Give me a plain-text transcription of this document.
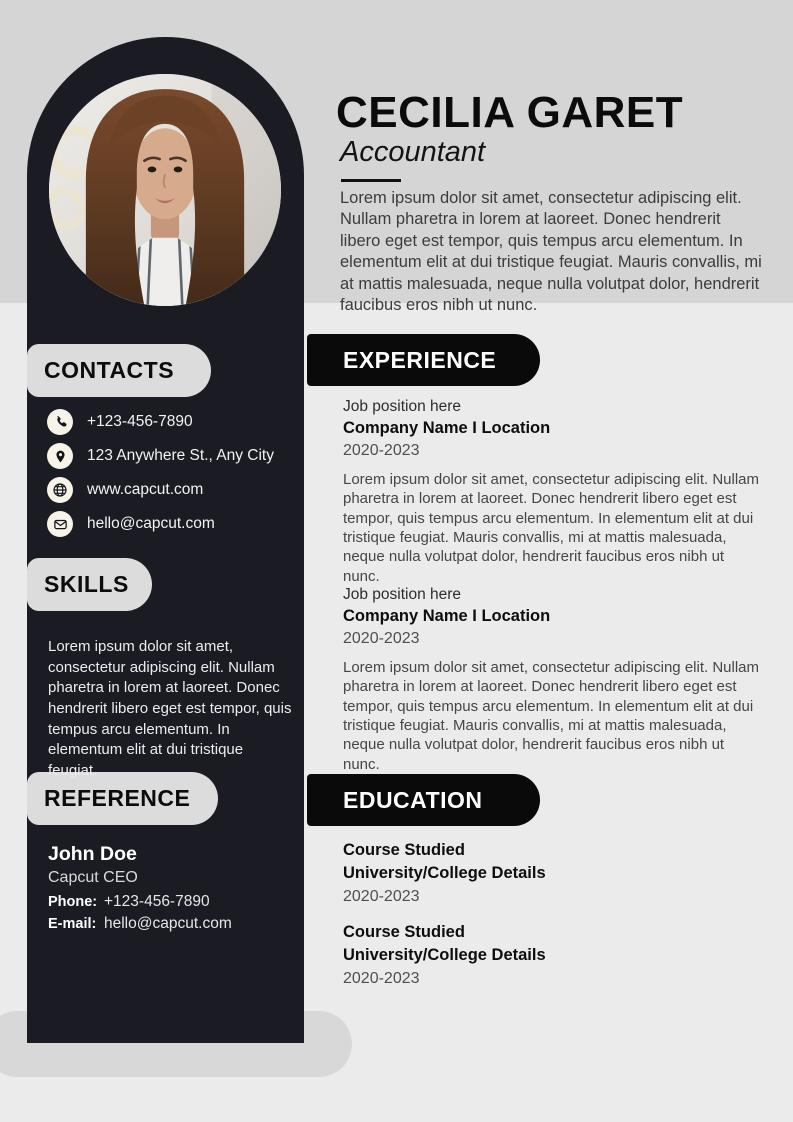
CONTACTS
SKILLS
REFERENCE
+123-456-7890
123 Anywhere St., Any City
www.capcut.com
hello@capcut.com
Lorem ipsum dolor sit amet, consectetur adipiscing elit. Nullam pharetra in lorem at laoreet. Donec hendrerit libero eget est tempor, quis tempus arcu elementum. In elementum elit at dui tristique feugiat.
John Doe
Capcut CEO
Phone: +123-456-7890
E-mail: hello@capcut.com
CECILIA GARET
Accountant
Lorem ipsum dolor sit amet, consectetur adipiscing elit. Nullam pharetra in lorem at laoreet. Donec hendrerit libero eget est tempor, quis tempus arcu elementum. In elementum elit at dui tristique feugiat. Mauris convallis, mi at mattis malesuada, neque nulla volutpat dolor, hendrerit faucibus eros nibh ut nunc.
EXPERIENCE
Job position here
Company Name I Location
2020-2023
Lorem ipsum dolor sit amet, consectetur adipiscing elit. Nullam pharetra in lorem at laoreet. Donec hendrerit libero eget est tempor, quis tempus arcu elementum. In elementum elit at dui tristique feugiat. Mauris convallis, mi at mattis malesuada, neque nulla volutpat dolor, hendrerit faucibus eros nibh ut nunc.
Job position here
Company Name I Location
2020-2023
Lorem ipsum dolor sit amet, consectetur adipiscing elit. Nullam pharetra in lorem at laoreet. Donec hendrerit libero eget est tempor, quis tempus arcu elementum. In elementum elit at dui tristique feugiat. Mauris convallis, mi at mattis malesuada, neque nulla volutpat dolor, hendrerit faucibus eros nibh ut nunc.
EDUCATION
Course Studied
University/College Details
2020-2023
Course Studied
University/College Details
2020-2023
